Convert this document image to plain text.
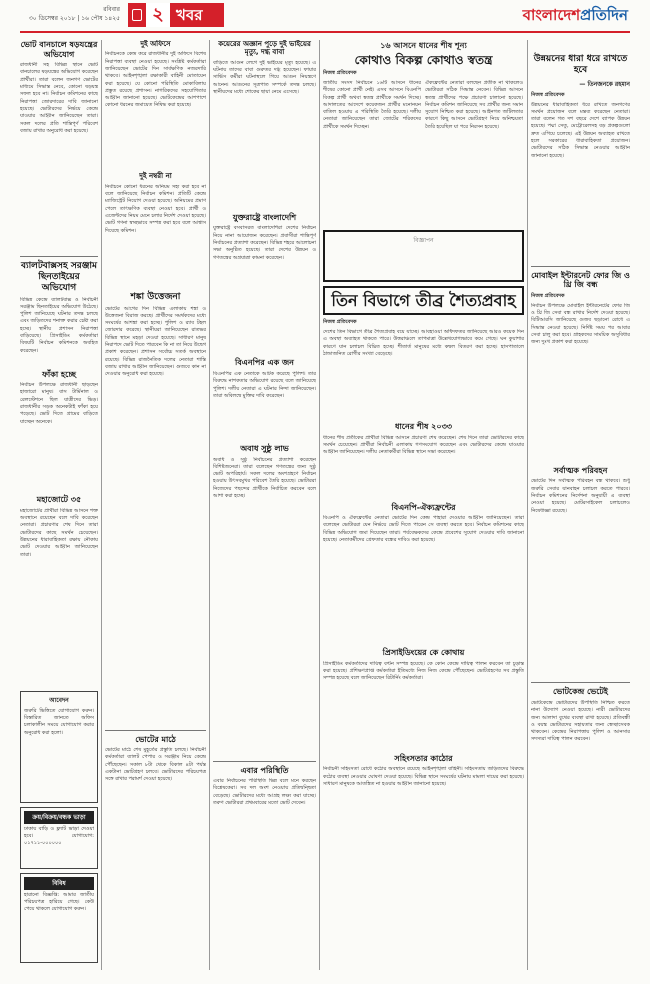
রবিবার
৩০ ডিসেম্বর ২০১৮ | ১৬ পৌষ ১৪২৫	২ খবর	বাংলাদেশপ্রতিদিন
ভোট বানচালে ষড়যন্ত্রের অভিযোগ
রাজধানী সহ বিভিন্ন স্থানে ভোট বানচালের ষড়যন্ত্রের অভিযোগ করেছেন প্রার্থীরা। তারা বলেন জনগণ ভোটের মাধ্যমে সিদ্ধান্ত নেবে, কোনো ষড়যন্ত্র সফল হবে না। নির্বাচন কমিশনের কাছে নিরাপত্তা জোরদারের দাবি জানানো হয়েছে। ভোটারদের নির্ভয়ে কেন্দ্রে যাওয়ার আহ্বান জানিয়েছেন তারা। সকল দলের প্রতি শান্তিপূর্ণ পরিবেশ বজায় রাখার অনুরোধ করা হয়েছে।
ব্যালটবাক্সসহ সরঞ্জাম ছিনতাইয়ের অভিযোগ
বিভিন্ন কেন্দ্রে ব্যালটবাক্স ও নির্বাচনী সরঞ্জাম ছিনতাইয়ের অভিযোগ উঠেছে। পুলিশ জানিয়েছে ঘটনার তদন্ত চলছে এবং জড়িতদের শনাক্ত করার চেষ্টা করা হচ্ছে। স্থানীয় প্রশাসন নিরাপত্তা বাড়িয়েছে। প্রিসাইডিং কর্মকর্তারা বিষয়টি নির্বাচন কমিশনকে অবহিত করেছেন।
ফাঁকা হচ্ছে
নির্বাচন উপলক্ষে রাজধানী ছাড়ছেন হাজারো মানুষ। বাস টার্মিনাল ও রেলস্টেশনে ছিল যাত্রীদের ভিড়। রাজধানীর সড়ক অনেকটাই ফাঁকা হয়ে পড়েছে। ভোট দিতে গ্রামের বাড়িতে যাচ্ছেন অনেকে।
মহাজোটে ৩৫
মহাজোটের প্রার্থীরা বিভিন্ন আসনে শক্ত অবস্থানে রয়েছেন বলে দাবি করেছেন নেতারা। প্রচারণার শেষ দিনে তারা ভোটারদের কাছে সমর্থন চেয়েছেন। উন্নয়নের ধারাবাহিকতা রক্ষায় নৌকায় ভোট দেওয়ার আহ্বান জানিয়েছেন তারা।
আবেদন
জরুরি ভিত্তিতে যোগাযোগ করুন। বিস্তারিত জানতে অফিস চলাকালীন সময়ে যোগাযোগ করার অনুরোধ করা হলো।
ক্রয়/বিক্রয়/বন্ধক ভাড়া
ঢাকায় বাড়ি ও ফ্ল্যাট ভাড়া দেওয়া হবে। যোগাযোগ: ০১৭১১-০০০০০০
বিবিধ
হারানো বিজ্ঞপ্তি: আমার জাতীয় পরিচয়পত্র হারিয়ে গেছে। কেউ পেয়ে থাকলে যোগাযোগ করুন।
দুই অফিসে
নির্বাচনকে কেন্দ্র করে রাজধানীর দুই অফিসে বিশেষ নিরাপত্তা ব্যবস্থা নেওয়া হয়েছে। সংশ্লিষ্ট কর্মকর্তারা জানিয়েছেন ভোটের দিন সার্বক্ষণিক নজরদারি থাকবে। আইনশৃঙ্খলা রক্ষাকারী বাহিনী মোতায়েন করা হয়েছে। যে কোনো পরিস্থিতি মোকাবিলায় প্রস্তুত রয়েছে প্রশাসন। নাগরিকদের সহযোগিতার আহ্বান জানানো হয়েছে। ভোটকেন্দ্রের আশপাশে কোনো ধরনের জমায়েত নিষিদ্ধ করা হয়েছে।
দুই নম্বরী না
নির্বাচনে কোনো ধরনের অনিয়ম সহ্য করা হবে না বলে জানিয়েছে নির্বাচন কমিশন। প্রতিটি কেন্দ্রে ম্যাজিস্ট্রেট নিয়োগ দেওয়া হয়েছে। অনিয়মের প্রমাণ পেলে তাৎক্ষণিক ব্যবস্থা নেওয়া হবে। প্রার্থী ও এজেন্টদের নিয়ম মেনে চলার নির্দেশ দেওয়া হয়েছে। ভোট গণনা স্বচ্ছভাবে সম্পন্ন করা হবে বলে আশ্বাস দিয়েছে কমিশন।
শঙ্কা উত্তেজনা
ভোটের আগের দিন বিভিন্ন এলাকায় শঙ্কা ও উত্তেজনা বিরাজ করছে। প্রার্থীদের সমর্থকদের মধ্যে সংঘর্ষের আশঙ্কা করা হচ্ছে। পুলিশ ও র‍্যাব টহল জোরদার করেছে। স্থানীয়রা জানিয়েছেন রাতভর বিভিন্ন স্থানে মহড়া দেওয়া হয়েছে। সাধারণ মানুষ নিরাপদে ভোট দিতে পারবেন কি না তা নিয়ে উদ্বেগ প্রকাশ করেছেন। প্রশাসন সর্বোচ্চ সতর্ক অবস্থানে রয়েছে। বিভিন্ন রাজনৈতিক দলের নেতারা শান্তি বজায় রাখার আহ্বান জানিয়েছেন। গুজবে কান না দেওয়ার অনুরোধ করা হয়েছে।
ভোটের মাঠে
ভোটের মাঠে শেষ মুহূর্তের প্রস্তুতি চলছে। নির্বাচনী কর্মকর্তারা ব্যালট পেপার ও সরঞ্জাম নিয়ে কেন্দ্রে পৌঁছেছেন। সকাল ৮টা থেকে বিকাল ৪টা পর্যন্ত একটানা ভোটগ্রহণ চলবে। ভোটারদের পরিচয়পত্র সঙ্গে রাখার পরামর্শ দেওয়া হয়েছে।
কয়েরের অজ্ঞান পুড়ে দুই ভাইয়ের মৃত্যু, দগ্ধ বাবা
বাড়িতে আগুন লেগে দুই ভাইয়ের মৃত্যু হয়েছে। এ ঘটনায় তাদের বাবা গুরুতর দগ্ধ হয়েছেন। ফায়ার সার্ভিস কর্মীরা ঘটনাস্থলে গিয়ে আগুন নিয়ন্ত্রণে আনেন। আগুনের সূত্রপাত সম্পর্কে তদন্ত চলছে। স্থানীয়দের মধ্যে শোকের ছায়া নেমে এসেছে।
যুক্তরাষ্ট্রে বাংলাদেশি
যুক্তরাষ্ট্রে বসবাসরত বাংলাদেশিরা দেশের নির্বাচন নিয়ে নানা আয়োজন করেছেন। প্রবাসীরা শান্তিপূর্ণ নির্বাচনের প্রত্যাশা করেছেন। বিভিন্ন শহরে আলোচনা সভা অনুষ্ঠিত হয়েছে। তারা দেশের উন্নয়ন ও গণতন্ত্রের অগ্রযাত্রা কামনা করেছেন।
বিএনপির এক জন
বিএনপির এক নেতাকে আটক করেছে পুলিশ। তার বিরুদ্ধে নাশকতার অভিযোগ রয়েছে বলে জানিয়েছে পুলিশ। দলীয় নেতারা এ ঘটনার নিন্দা জানিয়েছেন। তারা অবিলম্বে মুক্তির দাবি করেছেন।
অবাধ সুষ্ঠু লাভ
অবাধ ও সুষ্ঠু নির্বাচনের প্রত্যাশা করেছেন বিশিষ্টজনেরা। তারা বলেছেন গণতন্ত্রের জন্য সুষ্ঠু ভোট অপরিহার্য। সকল দলের অংশগ্রহণে নির্বাচন হওয়ায় উৎসবমুখর পরিবেশ তৈরি হয়েছে। ভোটাররা নিজেদের পছন্দের প্রার্থীকে নির্বাচিত করবেন বলে আশা করা হচ্ছে।
এবার পরিস্থিতি
এবার নির্বাচনের পরিস্থিতি ভিন্ন বলে মনে করছেন বিশ্লেষকেরা। সব দল অংশ নেওয়ায় প্রতিদ্বন্দ্বিতা বেড়েছে। ভোটারদের মধ্যে আগ্রহ লক্ষ্য করা যাচ্ছে। তরুণ ভোটাররা প্রথমবারের মতো ভোট দেবেন।
১৬ আসনে ধানের শীষ শূন্য
কোথাও বিকল্প কোথাও স্বতন্ত্র
নিজস্ব প্রতিবেদক
জাতীয় সংসদ নির্বাচনে ১৬টি আসনে ধানের শীষের কোনো প্রার্থী নেই। এসব আসনে বিএনপি বিকল্প প্রার্থী অথবা স্বতন্ত্র প্রার্থীকে সমর্থন দিচ্ছে। আদালতের আদেশে কয়েকজন প্রার্থীর মনোনয়ন বাতিল হওয়ায় এ পরিস্থিতি তৈরি হয়েছে। দলীয় নেতারা জানিয়েছেন তারা জোটের শরিকদের প্রার্থীকে সমর্থন দিচ্ছেন।
ঐক্যফ্রন্টের নেতারা বলছেন প্রতীক না থাকলেও ভোটাররা সঠিক সিদ্ধান্ত নেবেন। বিভিন্ন আসনে স্বতন্ত্র প্রার্থীদের পক্ষে প্রচারণা চালানো হয়েছে। নির্বাচন কমিশন জানিয়েছে সব প্রার্থীর জন্য সমান সুযোগ নিশ্চিত করা হয়েছে। আইনগত জটিলতার কারণে কিছু আসনে ভোটগ্রহণ নিয়ে অনিশ্চয়তা তৈরি হয়েছিল যা পরে নিরসন হয়েছে।
বিজ্ঞাপন
তিন বিভাগে তীব্র শৈত্যপ্রবাহ
নিজস্ব প্রতিবেদক
দেশের তিন বিভাগে তীব্র শৈত্যপ্রবাহ বয়ে যাচ্ছে। আবহাওয়া অধিদফতর জানিয়েছে আরও কয়েক দিন এ অবস্থা অব্যাহত থাকতে পারে। উত্তরাঞ্চলে তাপমাত্রা উল্লেখযোগ্যভাবে কমে গেছে। ঘন কুয়াশার কারণে যান চলাচল বিঘ্নিত হচ্ছে। শীতার্ত মানুষের মধ্যে কম্বল বিতরণ করা হচ্ছে। হাসপাতালে ঠান্ডাজনিত রোগীর সংখ্যা বেড়েছে।
ধানের শীষ ২০৩৩
ধানের শীষ প্রতীকের প্রার্থীরা বিভিন্ন আসনে প্রচারণা শেষ করেছেন। শেষ দিনে তারা ভোটারদের কাছে সমর্থন চেয়েছেন। প্রার্থীরা নির্বাচনী এলাকায় গণসংযোগ করেছেন এবং ভোটারদের কেন্দ্রে যাওয়ার আহ্বান জানিয়েছেন। দলীয় নেতাকর্মীরা বিভিন্ন স্থানে সভা করেছেন।
বিএনপি-ঐক্যফ্রন্টের
বিএনপি ও ঐক্যফ্রন্টের নেতারা ভোটের দিন কেন্দ্র পাহারা দেওয়ার আহ্বান জানিয়েছেন। তারা বলেছেন ভোটাররা যেন নির্ভয়ে ভোট দিতে পারেন সে ব্যবস্থা করতে হবে। নির্বাচন কমিশনের কাছে বিভিন্ন অভিযোগ জমা দিয়েছেন তারা। পর্যবেক্ষকদের কেন্দ্রে প্রবেশের সুযোগ দেওয়ার দাবি জানানো হয়েছে। নেতাকর্মীদের গ্রেফতার বন্ধের দাবিও করা হয়েছে।
প্রিসাইডিংয়ের কে কোথায়
প্রিসাইডিং কর্মকর্তাদের দায়িত্ব বণ্টন সম্পন্ন হয়েছে। কে কোন কেন্দ্রে দায়িত্ব পালন করবেন তা চূড়ান্ত করা হয়েছে। প্রশিক্ষণপ্রাপ্ত কর্মকর্তারা ইতিমধ্যে নিজ নিজ কেন্দ্রে পৌঁছেছেন। ভোটগ্রহণের সব প্রস্তুতি সম্পন্ন হয়েছে বলে জানিয়েছেন রিটার্নিং কর্মকর্তারা।
সহিংসতার কাঠোর
নির্বাচনী সহিংসতা রোধে কঠোর অবস্থানে রয়েছে আইনশৃঙ্খলা বাহিনী। সহিংসতায় জড়িতদের বিরুদ্ধে কঠোর ব্যবস্থা নেওয়ার ঘোষণা দেওয়া হয়েছে। বিভিন্ন স্থানে সংঘর্ষের ঘটনায় মামলা দায়ের করা হয়েছে। সাধারণ মানুষকে আতঙ্কিত না হওয়ার আহ্বান জানানো হয়েছে।
উন্নয়নের ধারা ধরে রাখতে হবে
— তিনজনকে রহমান
নিজস্ব প্রতিবেদক
উন্নয়নের ধারাবাহিকতা ধরে রাখতে জনগণের সমর্থন প্রয়োজন বলে মন্তব্য করেছেন নেতারা। তারা বলেন গত দশ বছরে দেশে ব্যাপক উন্নয়ন হয়েছে। পদ্মা সেতু, মেট্রোরেলসহ বড় প্রকল্পগুলো দ্রুত এগিয়ে চলেছে। এই উন্নয়ন অব্যাহত রাখতে হলে সরকারের ধারাবাহিকতা প্রয়োজন। ভোটারদের সঠিক সিদ্ধান্ত নেওয়ার আহ্বান জানানো হয়েছে।
মোবাইল ইন্টারনেট ফোর জি ও থ্রি জি বন্ধ
নিজস্ব প্রতিবেদক
নির্বাচন উপলক্ষে মোবাইল ইন্টারনেটের ফোর জি ও থ্রি জি সেবা বন্ধ রাখার নির্দেশ দেওয়া হয়েছে। বিটিআরসি জানিয়েছে গুজব ছড়ানো রোধে এ সিদ্ধান্ত নেওয়া হয়েছে। নির্দিষ্ট সময় পর আবার সেবা চালু করা হবে। গ্রাহকদের সাময়িক অসুবিধার জন্য দুঃখ প্রকাশ করা হয়েছে।
সর্বাত্মক পরিবহন
ভোটের দিন সর্বাত্মক পরিবহন বন্ধ থাকবে। শুধু জরুরি সেবার যানবাহন চলাচল করতে পারবে। নির্বাচন কমিশনের নির্দেশনা অনুযায়ী এ ব্যবস্থা নেওয়া হয়েছে। মোটরসাইকেল চলাচলেও নিষেধাজ্ঞা রয়েছে।
ভোটকেন্দ্র ভেটেই
ভোটকেন্দ্রে ভোটারদের উপস্থিতি নিশ্চিত করতে নানা উদ্যোগ নেওয়া হয়েছে। নারী ভোটারদের জন্য আলাদা বুথের ব্যবস্থা রাখা হয়েছে। প্রতিবন্ধী ও বয়স্ক ভোটারদের সহায়তার জন্য স্বেচ্ছাসেবক থাকবেন। কেন্দ্রের নিরাপত্তায় পুলিশ ও আনসার সদস্যরা দায়িত্ব পালন করবেন।
